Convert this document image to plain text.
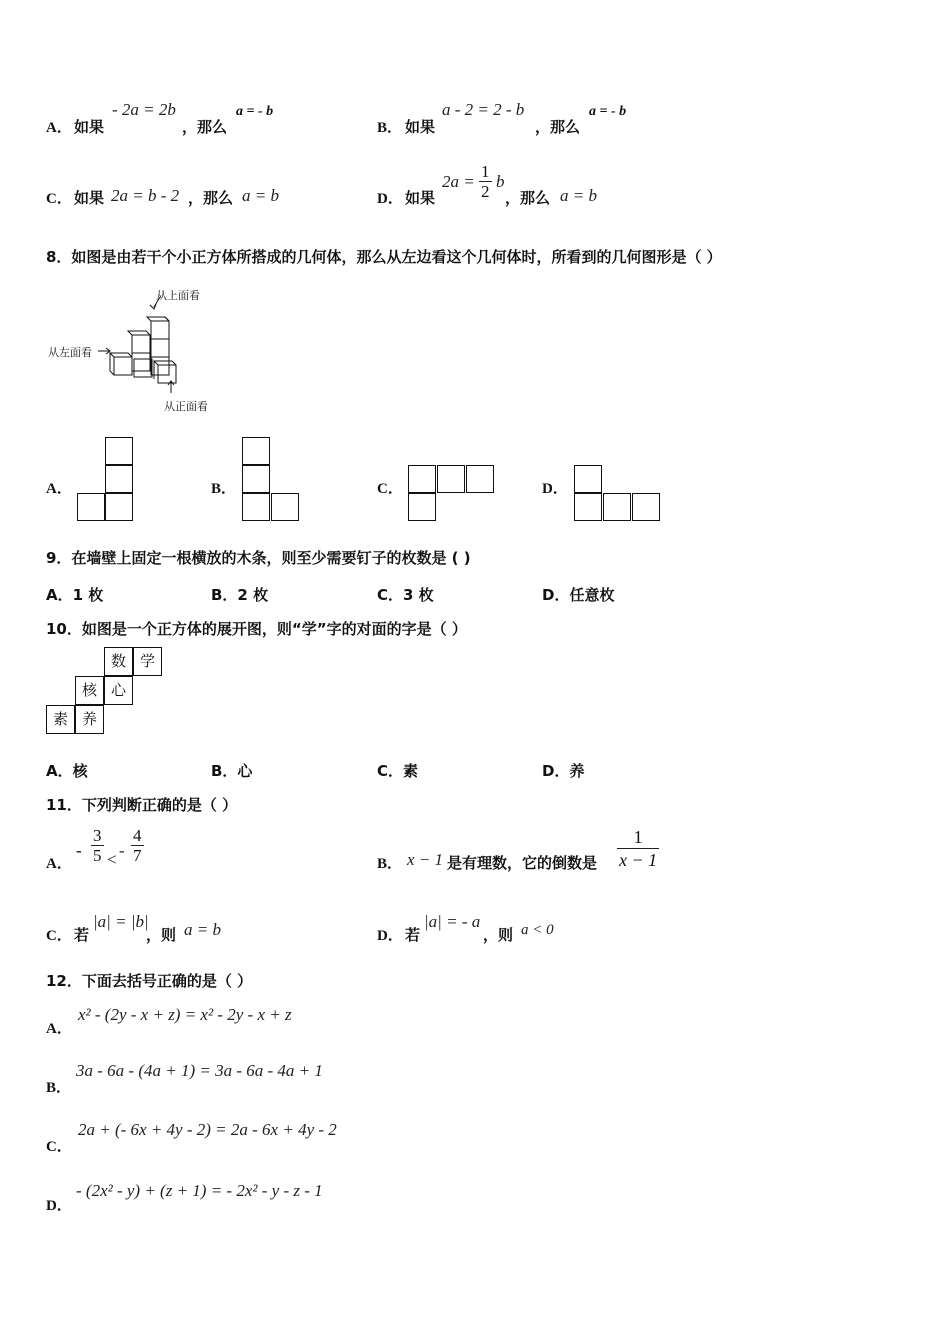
A． 如果
- 2a = 2b
，那么
a = - b
B． 如果
a - 2 = 2 - b
，那么
a = - b
C． 如果 2a = b - 2 ，那么 a = b	D． 如果
$2a = \frac{1}{2}$ b
，那么 a = b
8．如图是由若干个小正方体所搭成的几何体，那么从左边看这个几何体时，所看到的几何图形是（ ）
从上面看
从左面看
从正面看
A．	B．	C．	D．
9．在墙壁上固定一根横放的木条，则至少需要钉子的枚数是 ( )
A．1 枚	B．2 枚	C．3 枚	D．任意枚
10．如图是一个正方体的展开图，则“学”字的对面的字是（ ）
数 学
核 心
素 养
A．核	B．心	C．素	D．养
11．下列判断正确的是（ ）
A．
- $\frac{3}{5}$ < - $\frac{4}{7}$	B． x − 1 是有理数，它的倒数是 $\frac{1}{x - 1}$
C． 若
|a| = |b|
，则 a = b	D． 若
|a| = - a
，则 a < 0
12．下面去括号正确的是（ ）
A．
x² - (2y - x + z) = x² - 2y - x + z
B．
3a - 6a - (4a + 1) = 3a - 6a - 4a + 1
C．
2a + (- 6x + 4y - 2) = 2a - 6x + 4y - 2
D．
- (2x² - y) + (z + 1) = - 2x² - y - z - 1
